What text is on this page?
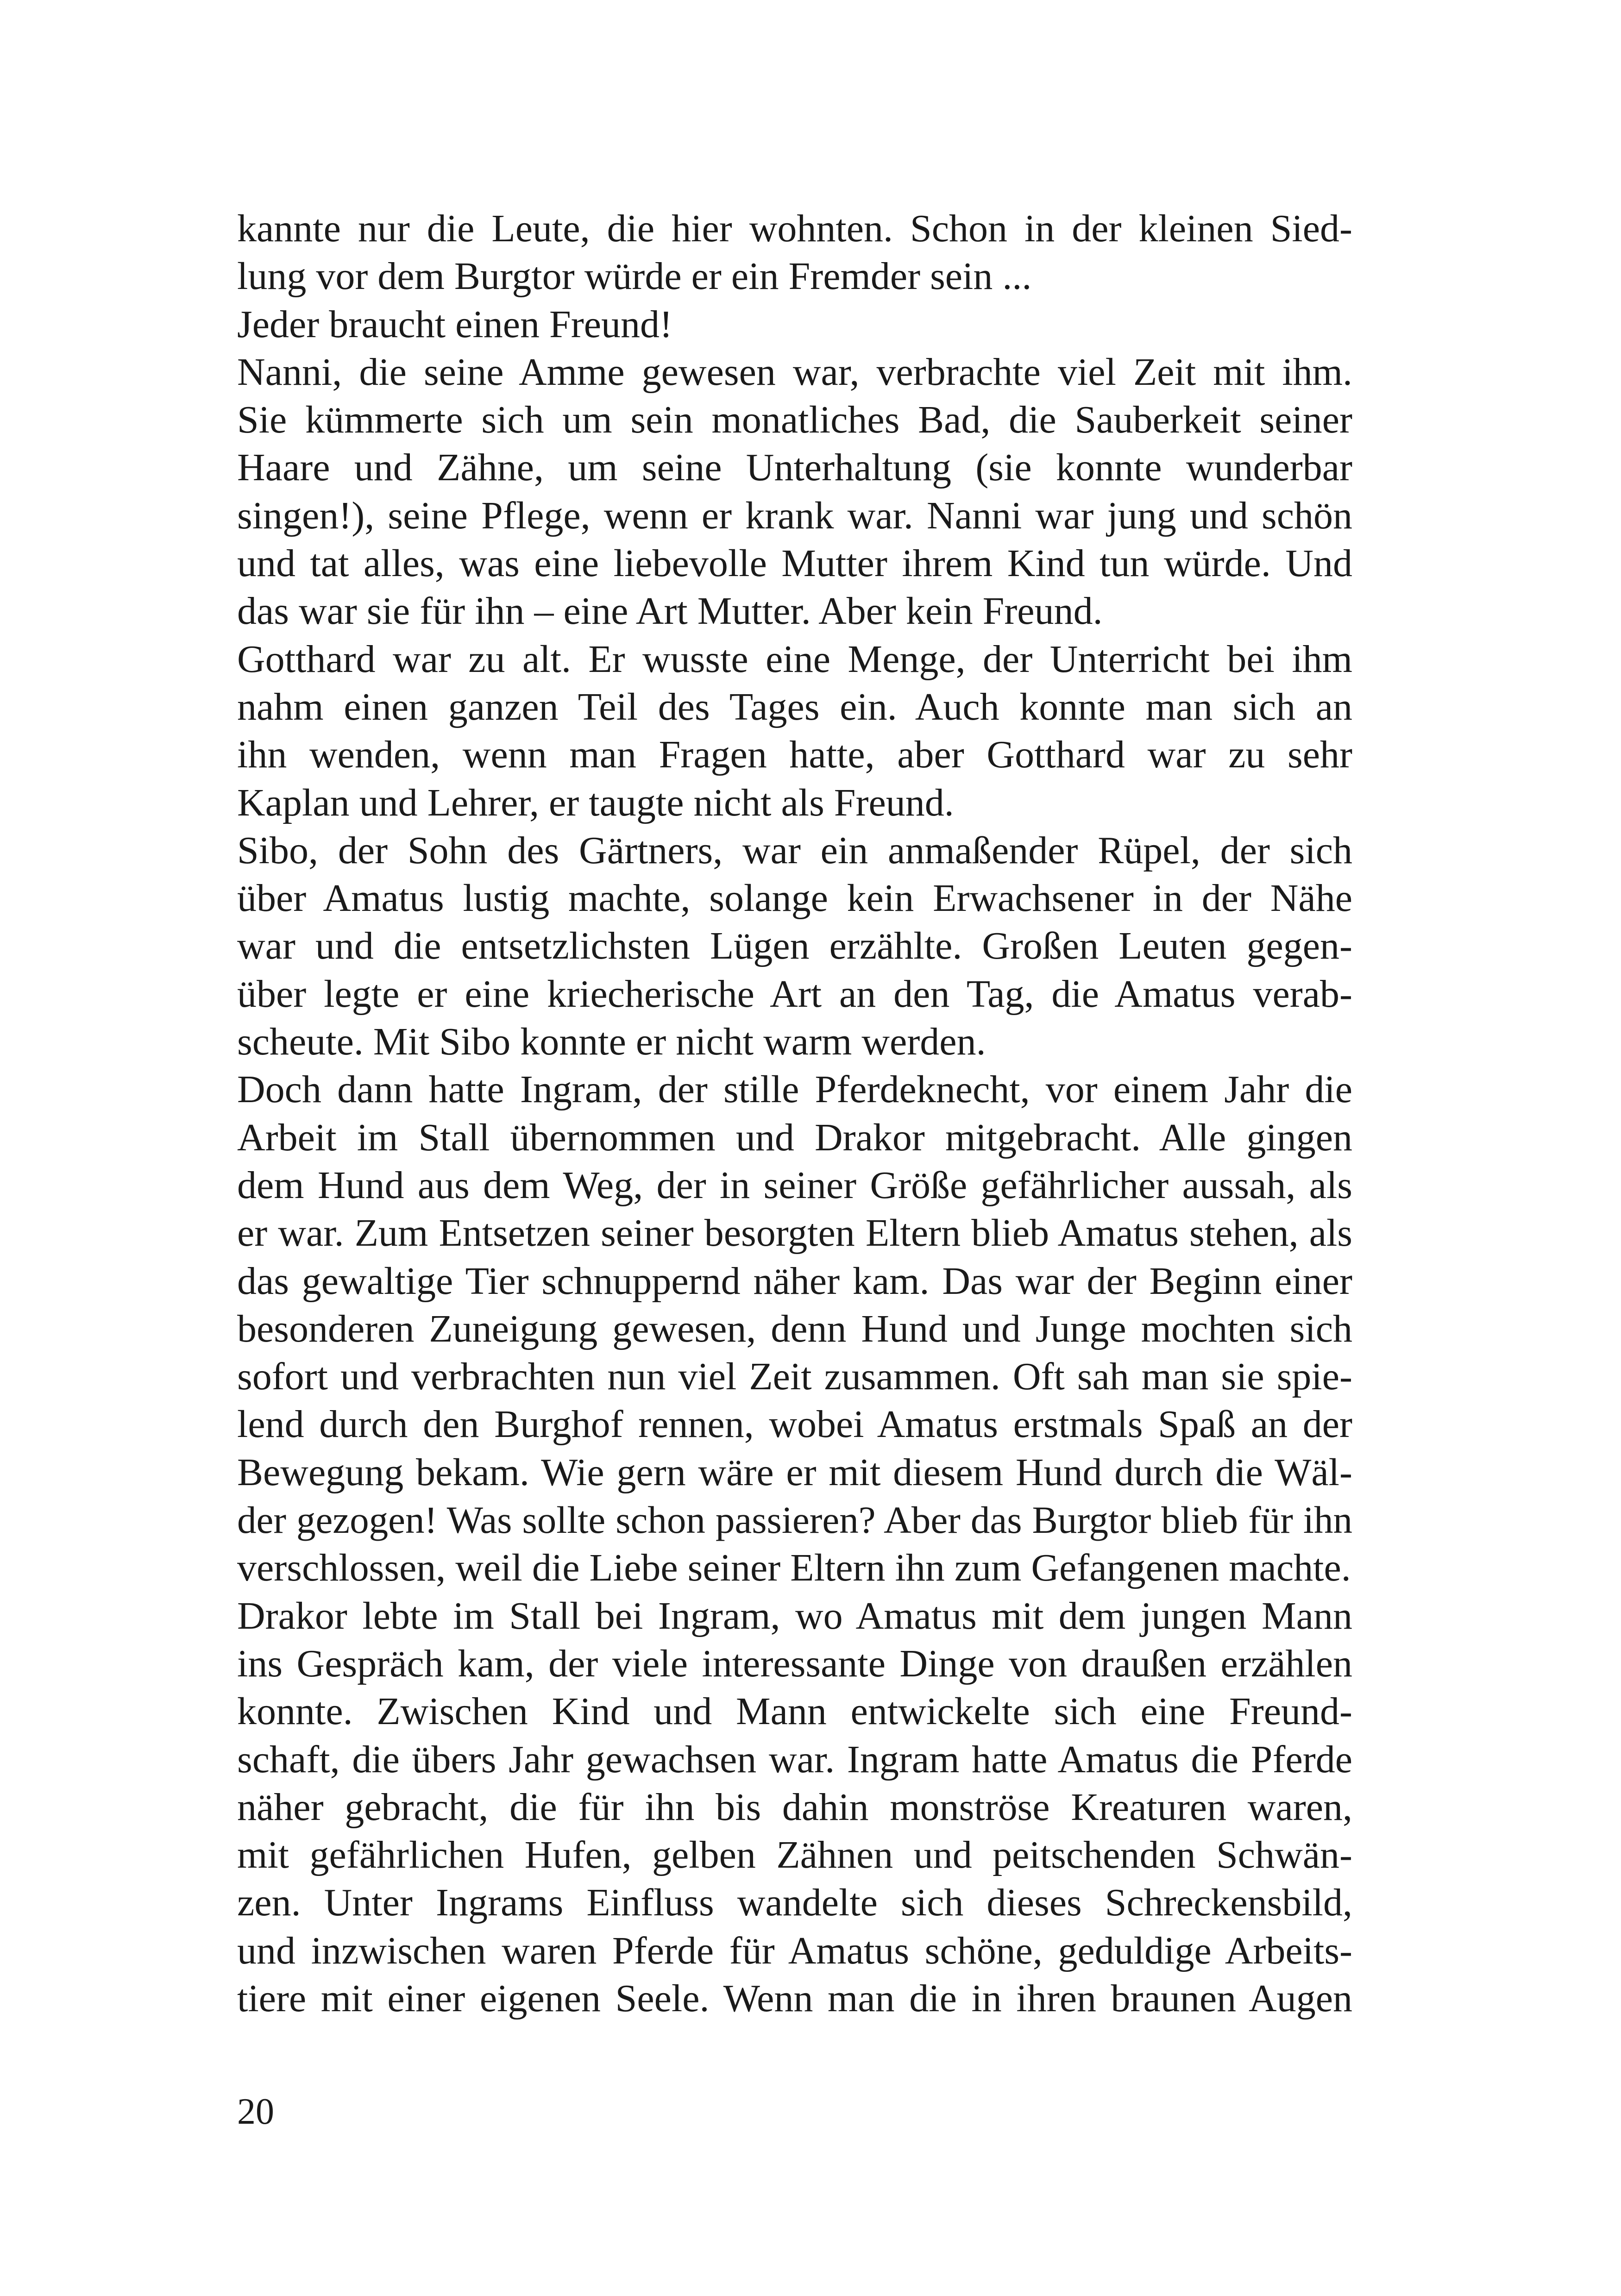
kannte nur die Leute, die hier wohnten. Schon in der kleinen Sied-
lung vor dem Burgtor würde er ein Fremder sein ...
Jeder braucht einen Freund!
Nanni, die seine Amme gewesen war, verbrachte viel Zeit mit ihm.
Sie kümmerte sich um sein monatliches Bad, die Sauberkeit seiner
Haare und Zähne, um seine Unterhaltung (sie konnte wunderbar
singen!), seine Pflege, wenn er krank war. Nanni war jung und schön
und tat alles, was eine liebevolle Mutter ihrem Kind tun würde. Und
das war sie für ihn – eine Art Mutter. Aber kein Freund.
Gotthard war zu alt. Er wusste eine Menge, der Unterricht bei ihm
nahm einen ganzen Teil des Tages ein. Auch konnte man sich an
ihn wenden, wenn man Fragen hatte, aber Gotthard war zu sehr
Kaplan und Lehrer, er taugte nicht als Freund.
Sibo, der Sohn des Gärtners, war ein anmaßender Rüpel, der sich
über Amatus lustig machte, solange kein Erwachsener in der Nähe
war und die entsetzlichsten Lügen erzählte. Großen Leuten gegen-
über legte er eine kriecherische Art an den Tag, die Amatus verab-
scheute. Mit Sibo konnte er nicht warm werden.
Doch dann hatte Ingram, der stille Pferdeknecht, vor einem Jahr die
Arbeit im Stall übernommen und Drakor mitgebracht. Alle gingen
dem Hund aus dem Weg, der in seiner Größe gefährlicher aussah, als
er war. Zum Entsetzen seiner besorgten Eltern blieb Amatus stehen, als
das gewaltige Tier schnuppernd näher kam. Das war der Beginn einer
besonderen Zuneigung gewesen, denn Hund und Junge mochten sich
sofort und verbrachten nun viel Zeit zusammen. Oft sah man sie spie-
lend durch den Burghof rennen, wobei Amatus erstmals Spaß an der
Bewegung bekam. Wie gern wäre er mit diesem Hund durch die Wäl-
der gezogen! Was sollte schon passieren? Aber das Burgtor blieb für ihn
verschlossen, weil die Liebe seiner Eltern ihn zum Gefangenen machte.
Drakor lebte im Stall bei Ingram, wo Amatus mit dem jungen Mann
ins Gespräch kam, der viele interessante Dinge von draußen erzählen
konnte. Zwischen Kind und Mann entwickelte sich eine Freund-
schaft, die übers Jahr gewachsen war. Ingram hatte Amatus die Pferde
näher gebracht, die für ihn bis dahin monströse Kreaturen waren,
mit gefährlichen Hufen, gelben Zähnen und peitschenden Schwän-
zen. Unter Ingrams Einfluss wandelte sich dieses Schreckensbild,
und inzwischen waren Pferde für Amatus schöne, geduldige Arbeits-
tiere mit einer eigenen Seele. Wenn man die in ihren braunen Augen
20
